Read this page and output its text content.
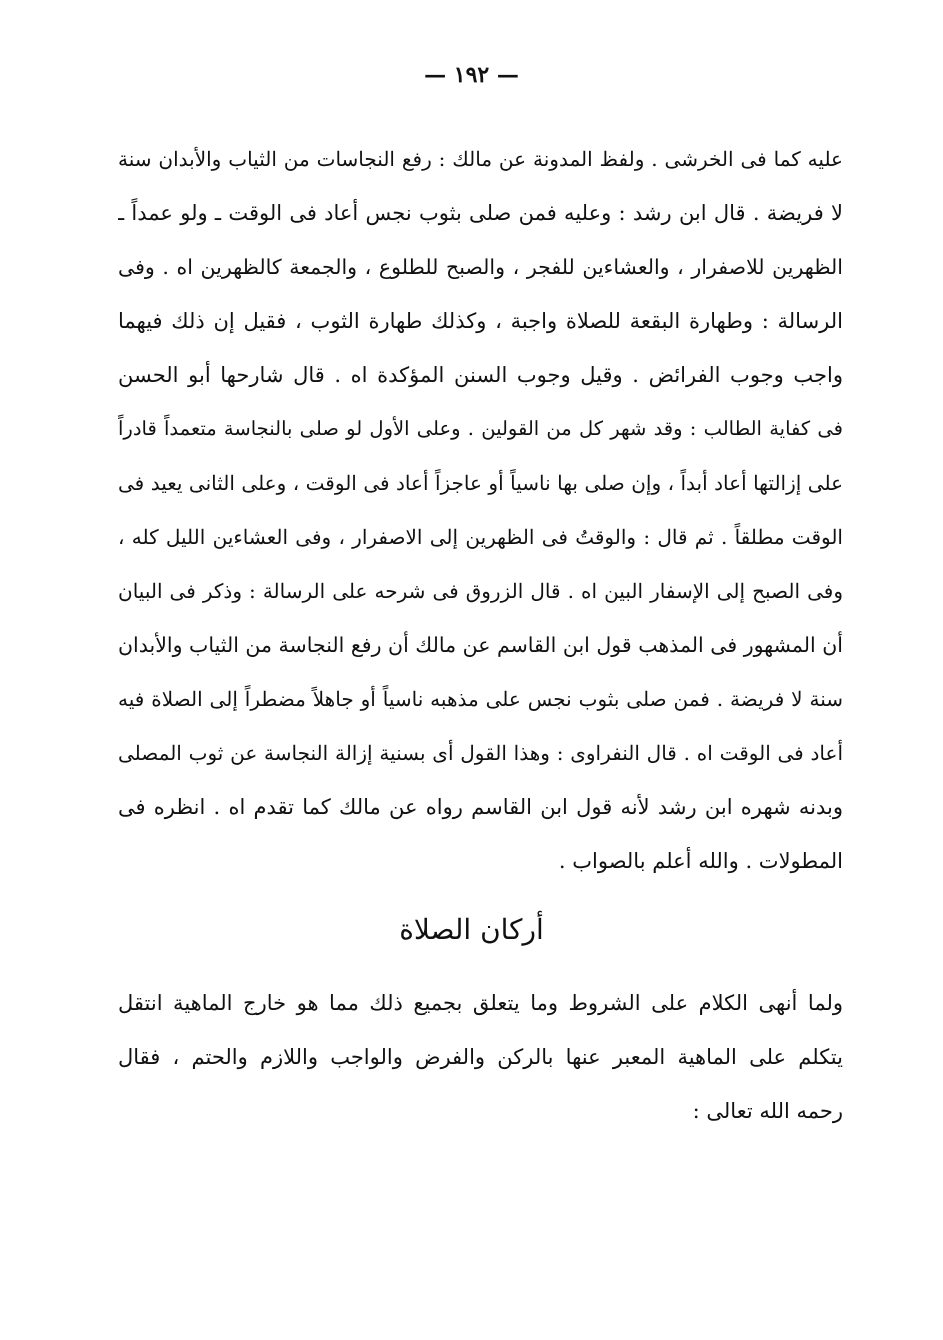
— ١٩٢ —
عليه كما فى الخرشى . ولفظ المدونة عن مالك : رفع النجاسات من الثياب والأبدان سنة
لا فريضة . قال ابن رشد : وعليه فمن صلى بثوب نجس أعاد فى الوقت ـ ولو عمداً ـ
الظهرين للاصفرار ، والعشاءين للفجر ، والصبح للطلوع ، والجمعة كالظهرين اه . وفى
الرسالة : وطهارة البقعة للصلاة واجبة ، وكذلك طهارة الثوب ، فقيل إن ذلك فيهما
واجب وجوب الفرائض . وقيل وجوب السنن المؤكدة اه . قال شارحها أبو الحسن
فى كفاية الطالب : وقد شهر كل من القولين . وعلى الأول لو صلى بالنجاسة متعمداً قادراً
على إزالتها أعاد أبداً ، وإن صلى بها ناسياً أو عاجزاً أعاد فى الوقت ، وعلى الثانى يعيد فى
الوقت مطلقاً . ثم قال : والوقتُ فى الظهرين إلى الاصفرار ، وفى العشاءين الليل كله ،
وفى الصبح إلى الإسفار البين اه . قال الزروق فى شرحه على الرسالة : وذكر فى البيان
أن المشهور فى المذهب قول ابن القاسم عن مالك أن رفع النجاسة من الثياب والأبدان
سنة لا فريضة . فمن صلى بثوب نجس على مذهبه ناسياً أو جاهلاً مضطراً إلى الصلاة فيه
أعاد فى الوقت اه . قال النفراوى : وهذا القول أى بسنية إزالة النجاسة عن ثوب المصلى
وبدنه شهره ابن رشد لأنه قول ابن القاسم رواه عن مالك كما تقدم اه . انظره فى
المطولات . والله أعلم بالصواب .
أركان الصلاة
ولما أنهى الكلام على الشروط وما يتعلق بجميع ذلك مما هو خارج الماهية انتقل
يتكلم على الماهية المعبر عنها بالركن والفرض والواجب واللازم والحتم ، فقال
رحمه الله تعالى :
